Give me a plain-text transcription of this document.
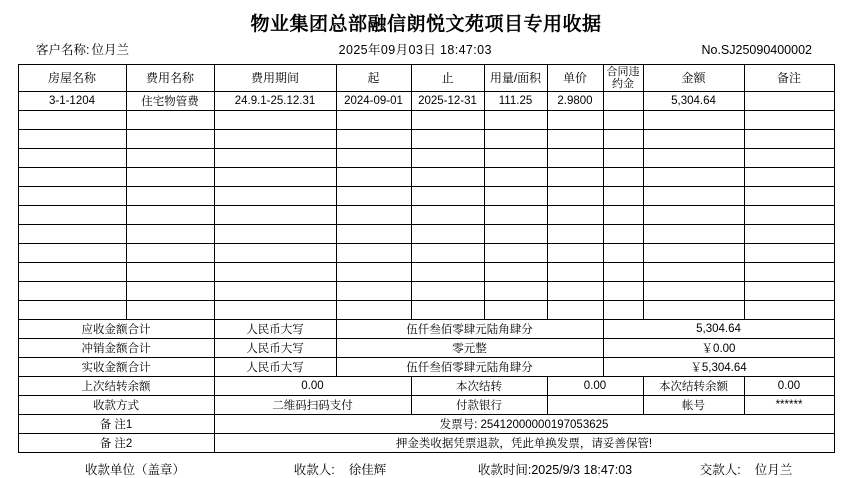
物业集团总部融信朗悦文苑项目专用收据
客户名称: 位月兰	2025年09月03日 18:47:03	No.SJ25090400002
房屋名称	费用名称	费用期间	起	止	用量/面积	单价	合同违
约金	金额	备注
3-1-1204	住宅物管费	24.9.1-25.12.31	2024-09-01	2025-12-31	111.25	2.9800		5,304.64	

应收金额合计		人民币大写	伍仟叁佰零肆元陆角肆分				5,304.64		
冲销金额合计		人民币大写	零元整				￥0.00		
实收金额合计		人民币大写	伍仟叁佰零肆元陆角肆分				￥5,304.64		
上次结转余额		0.00		本次结转		0.00		本次结转余额	0.00
收款方式		二维码扫码支付		付款银行				帐号	******
备 注1		发票号: 25412000000197053625							
备 注2		押金类收据凭票退款，凭此单换发票，请妥善保管!							
收款单位（盖章）	收款人: 徐佳辉	收款时间:2025/9/3 18:47:03	交款人: 位月兰
